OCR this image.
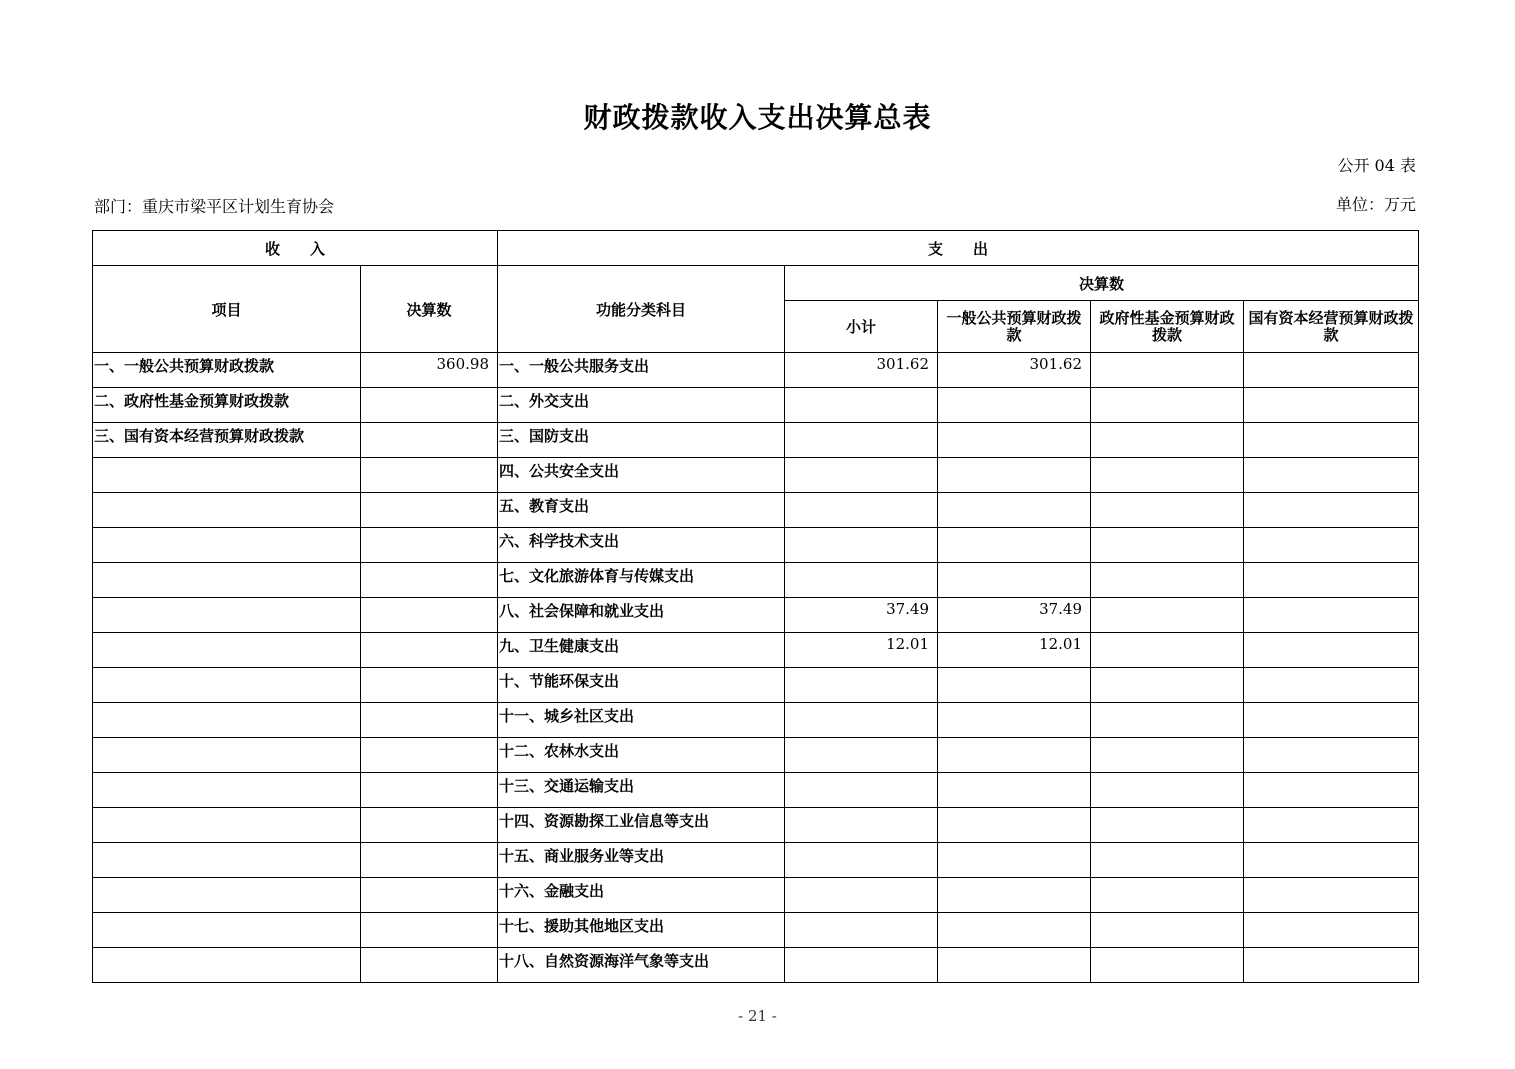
财政拨款收入支出决算总表
公开 04 表
部门：重庆市梁平区计划生育协会	单位：万元
收　　入		支　　出				
项目	决算数	功能分类科目	决算数			
			小计	一般公共预算财政拨款	政府性基金预算财政拨款	国有资本经营预算财政拨款
一、一般公共预算财政拨款	360.98	一、一般公共服务支出	301.62	301.62		
二、政府性基金预算财政拨款		二、外交支出				
三、国有资本经营预算财政拨款		三、国防支出				
		四、公共安全支出				
		五、教育支出				
		六、科学技术支出				
		七、文化旅游体育与传媒支出				
		八、社会保障和就业支出	37.49	37.49		
		九、卫生健康支出	12.01	12.01		
		十、节能环保支出				
		十一、城乡社区支出				
		十二、农林水支出				
		十三、交通运输支出				
		十四、资源勘探工业信息等支出				
		十五、商业服务业等支出				
		十六、金融支出				
		十七、援助其他地区支出				
		十八、自然资源海洋气象等支出				
- 21 -
